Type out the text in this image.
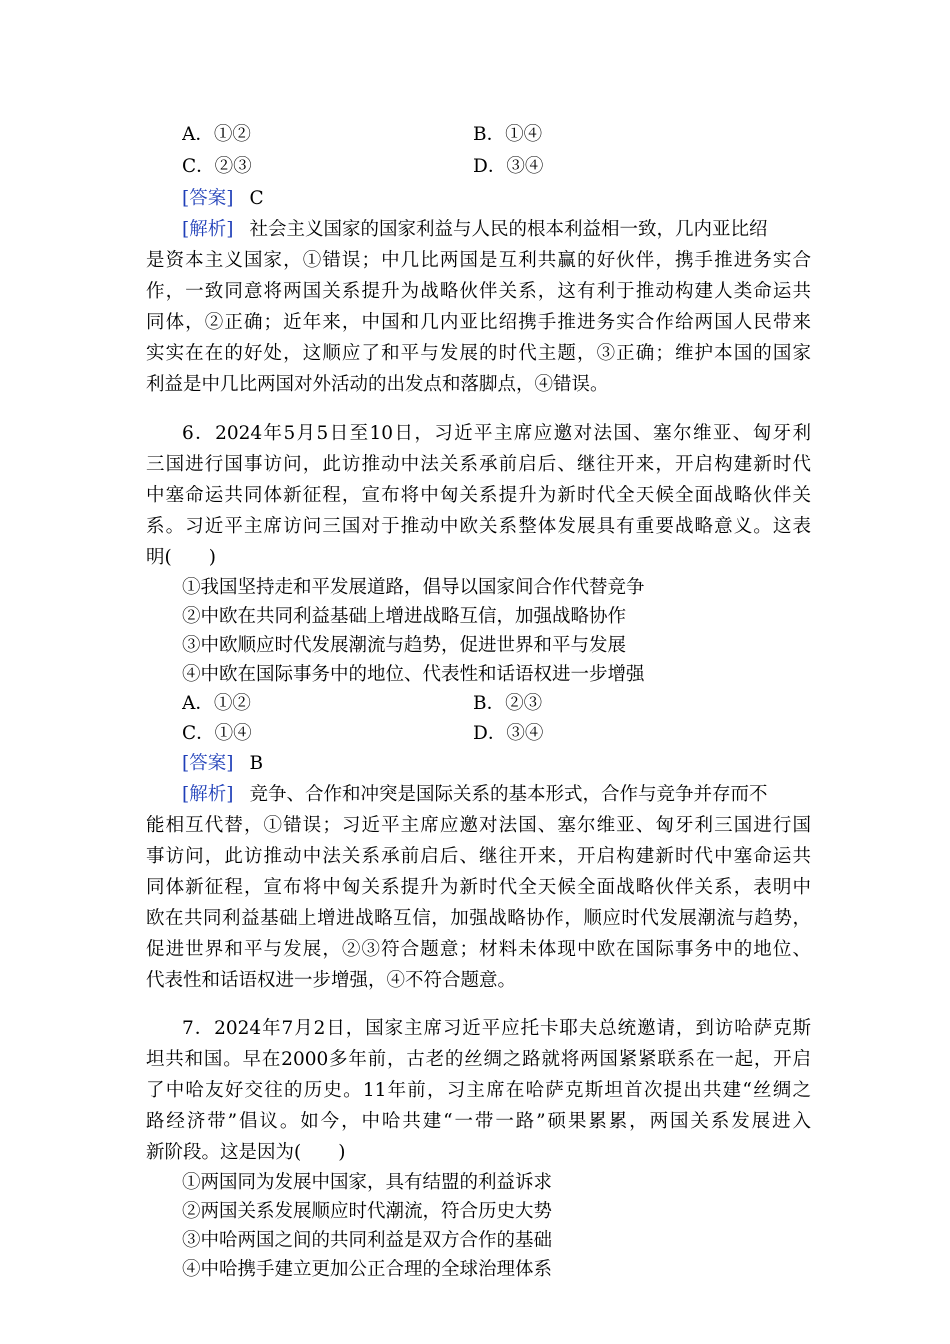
A．①②	B．①④
C．②③	D．③④
[答案] C
[解析] 社会主义国家的国家利益与人民的根本利益相一致，几内亚比绍
是资本主义国家，①错误；中几比两国是互利共赢的好伙伴，携手推进务实合
作，一致同意将两国关系提升为战略伙伴关系，这有利于推动构建人类命运共
同体，②正确；近年来，中国和几内亚比绍携手推进务实合作给两国人民带来
实实在在的好处，这顺应了和平与发展的时代主题，③正确；维护本国的国家
利益是中几比两国对外活动的出发点和落脚点，④错误。
6．2024年5月5日至10日，习近平主席应邀对法国、塞尔维亚、匈牙利
三国进行国事访问，此访推动中法关系承前启后、继往开来，开启构建新时代
中塞命运共同体新征程，宣布将中匈关系提升为新时代全天候全面战略伙伴关
系。习近平主席访问三国对于推动中欧关系整体发展具有重要战略意义。这表
明(　　)
①我国坚持走和平发展道路，倡导以国家间合作代替竞争
②中欧在共同利益基础上增进战略互信，加强战略协作
③中欧顺应时代发展潮流与趋势，促进世界和平与发展
④中欧在国际事务中的地位、代表性和话语权进一步增强
A．①②	B．②③
C．①④	D．③④
[答案] B
[解析] 竞争、合作和冲突是国际关系的基本形式，合作与竞争并存而不
能相互代替，①错误；习近平主席应邀对法国、塞尔维亚、匈牙利三国进行国
事访问，此访推动中法关系承前启后、继往开来，开启构建新时代中塞命运共
同体新征程，宣布将中匈关系提升为新时代全天候全面战略伙伴关系，表明中
欧在共同利益基础上增进战略互信，加强战略协作，顺应时代发展潮流与趋势，
促进世界和平与发展，②③符合题意；材料未体现中欧在国际事务中的地位、
代表性和话语权进一步增强，④不符合题意。
7．2024年7月2日，国家主席习近平应托卡耶夫总统邀请，到访哈萨克斯
坦共和国。早在2000多年前，古老的丝绸之路就将两国紧紧联系在一起，开启
了中哈友好交往的历史。11年前，习主席在哈萨克斯坦首次提出共建“丝绸之
路经济带”倡议。如今，中哈共建“一带一路”硕果累累，两国关系发展进入
新阶段。这是因为(　　)
①两国同为发展中国家，具有结盟的利益诉求
②两国关系发展顺应时代潮流，符合历史大势
③中哈两国之间的共同利益是双方合作的基础
④中哈携手建立更加公正合理的全球治理体系
